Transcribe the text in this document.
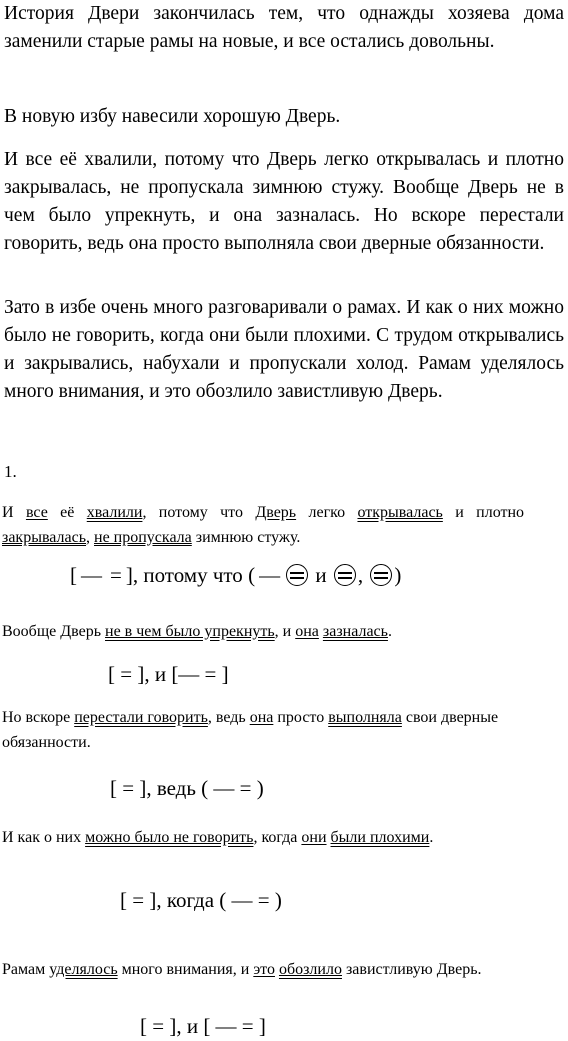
История Двери закончилась тем, что однажды хозяева дома заменили старые рамы на новые, и все остались довольны.

В новую избу навесили хорошую Дверь.

И все её хвалили, потому что Дверь легко открывалась и плотно закрывалась, не пропускала зимнюю стужу. Вообще Дверь не в чем было упрекнуть, и она зазналась. Но вскоре перестали говорить, ведь она просто выполняла свои дверные обязанности.

Зато в избе очень много разговаривали о рамах. И как о них можно было не говорить, когда они были плохими. С трудом открывались и закрывались, набухали и пропускали холод. Рамам уделялось много внимания, и это обозлило завистливую Дверь.

1.

И все её хвалили, потому что Дверь легко открывалась и плотно закрывалась, не пропускала зимнюю стужу.

[ — = ], потому что ( — и , )

Вообще Дверь не в чем было упрекнуть, и она зазналась.

[ = ], и [— = ]

Но вскоре перестали говорить, ведь она просто выполняла свои дверные обязанности.

[ = ], ведь ( — = )

И как о них можно было не говорить, когда они были плохими.

[ = ], когда ( — = )

Рамам уделялось много внимания, и это обозлило завистливую Дверь.

[ = ], и [ — = ]
